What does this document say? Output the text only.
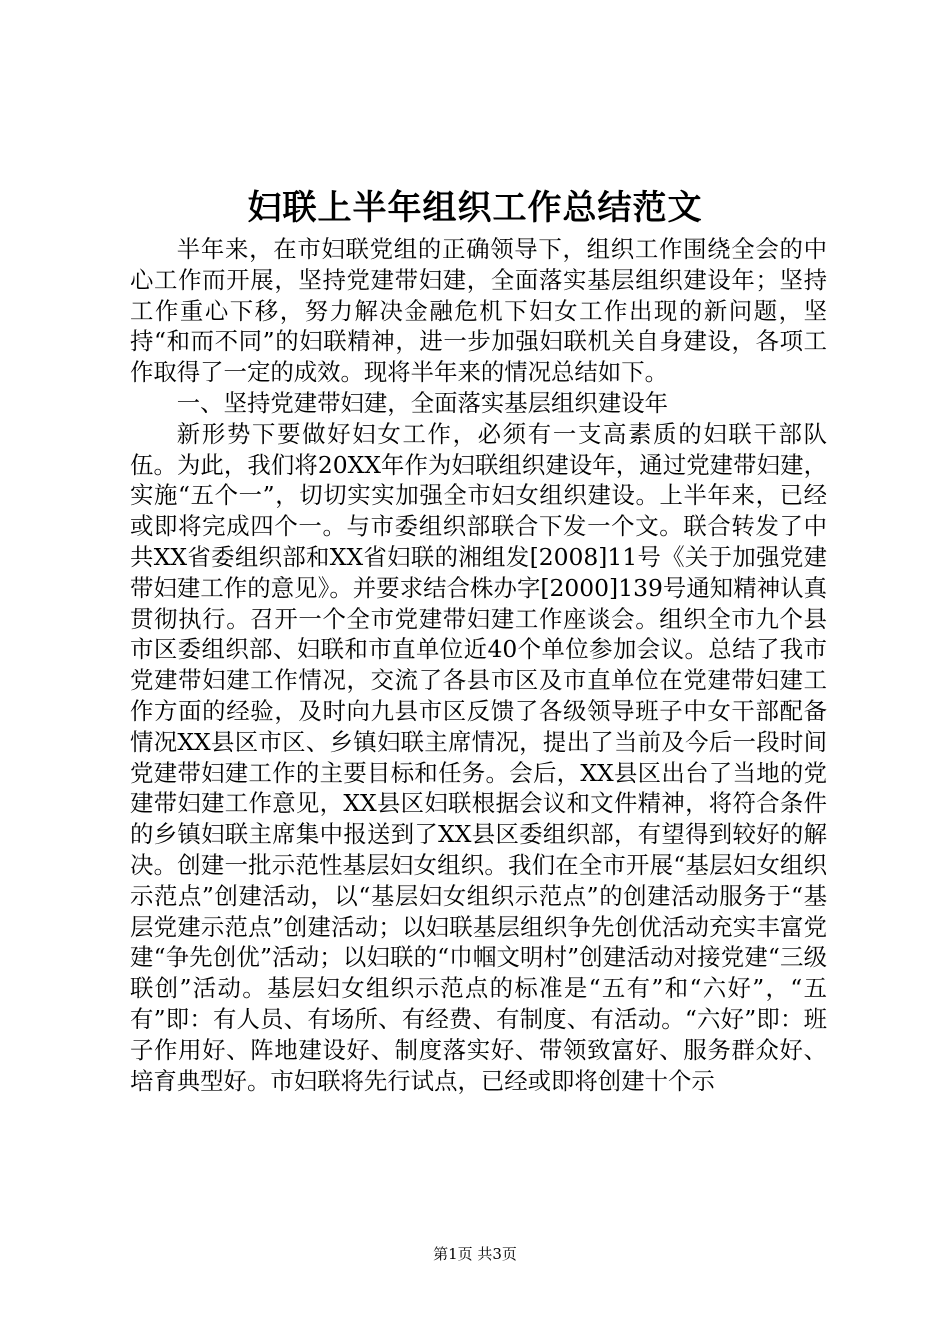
妇联上半年组织工作总结范文

半年来，在市妇联党组的正确领导下，组织工作围绕全会的中心工作而开展，坚持党建带妇建，全面落实基层组织建设年；坚持工作重心下移，努力解决金融危机下妇女工作出现的新问题，坚持“和而不同”的妇联精神，进一步加强妇联机关自身建设，各项工作取得了一定的成效。现将半年来的情况总结如下。

一、坚持党建带妇建，全面落实基层组织建设年

新形势下要做好妇女工作，必须有一支高素质的妇联干部队伍。为此，我们将20XX年作为妇联组织建设年，通过党建带妇建，实施“五个一”，切切实实加强全市妇女组织建设。上半年来，已经或即将完成四个一。与市委组织部联合下发一个文。联合转发了中共XX省委组织部和XX省妇联的湘组发[2008]11号《关于加强党建带妇建工作的意见》。并要求结合株办字[2000]139号通知精神认真贯彻执行。召开一个全市党建带妇建工作座谈会。组织全市九个县市区委组织部、妇联和市直单位近40个单位参加会议。总结了我市党建带妇建工作情况，交流了各县市区及市直单位在党建带妇建工作方面的经验，及时向九县市区反馈了各级领导班子中女干部配备情况XX县区市区、乡镇妇联主席情况，提出了当前及今后一段时间党建带妇建工作的主要目标和任务。会后，XX县区出台了当地的党建带妇建工作意见，XX县区妇联根据会议和文件精神，将符合条件的乡镇妇联主席集中报送到了XX县区委组织部，有望得到较好的解决。创建一批示范性基层妇女组织。我们在全市开展“基层妇女组织示范点”创建活动，以“基层妇女组织示范点”的创建活动服务于“基层党建示范点”创建活动；以妇联基层组织争先创优活动充实丰富党建“争先创优”活动；以妇联的“巾帼文明村”创建活动对接党建“三级联创”活动。基层妇女组织示范点的标准是“五有”和“六好”，“五有”即：有人员、有场所、有经费、有制度、有活动。“六好”即：班子作用好、阵地建设好、制度落实好、带领致富好、服务群众好、培育典型好。市妇联将先行试点，已经或即将创建十个示

第1页 共3页
